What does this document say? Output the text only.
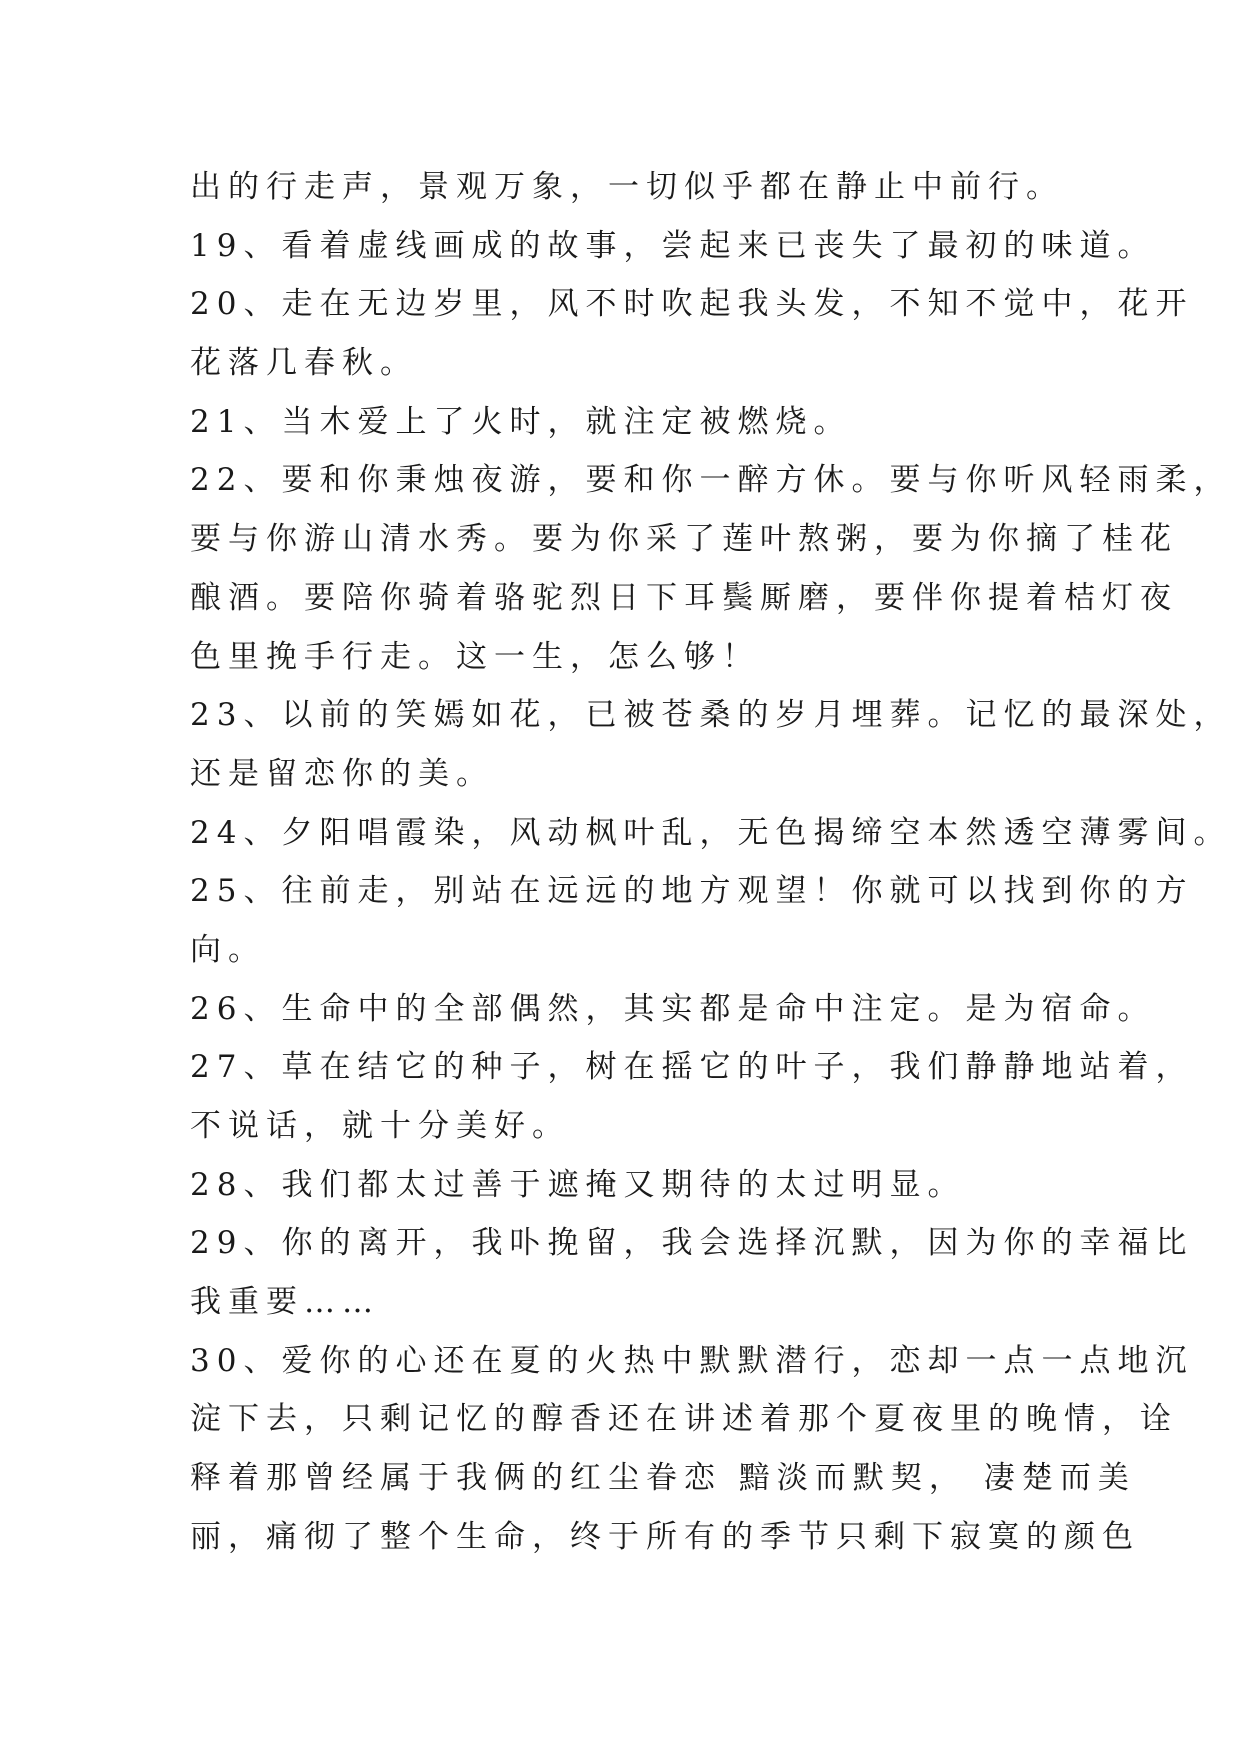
出的行走声，景观万象，一切似乎都在静止中前行。
19、看着虚线画成的故事，尝起来已丧失了最初的味道。
20、走在无边岁里，风不时吹起我头发，不知不觉中，花开
花落几春秋。
21、当木爱上了火时，就注定被燃烧。
22、要和你秉烛夜游，要和你一醉方休。要与你听风轻雨柔，
要与你游山清水秀。要为你采了莲叶熬粥，要为你摘了桂花
酿酒。要陪你骑着骆驼烈日下耳鬓厮磨，要伴你提着桔灯夜
色里挽手行走。这一生，怎么够！
23、以前的笑嫣如花，已被苍桑的岁月埋葬。记忆的最深处，
还是留恋你的美。
24、夕阳唱霞染，风动枫叶乱，无色揭缔空本然透空薄雾间。
25、往前走，别站在远远的地方观望！你就可以找到你的方
向。
26、生命中的全部偶然，其实都是命中注定。是为宿命。
27、草在结它的种子，树在摇它的叶子，我们静静地站着，
不说话，就十分美好。
28、我们都太过善于遮掩又期待的太过明显。
29、你的离开，我卟挽留，我会选择沉默，因为你的幸福比
我重要……
30、爱你的心还在夏的火热中默默潜行，恋却一点一点地沉
淀下去，只剩记忆的醇香还在讲述着那个夏夜里的晚情，诠
释着那曾经属于我俩的红尘眷恋 黯淡而默契， 凄楚而美
丽，痛彻了整个生命，终于所有的季节只剩下寂寞的颜色
